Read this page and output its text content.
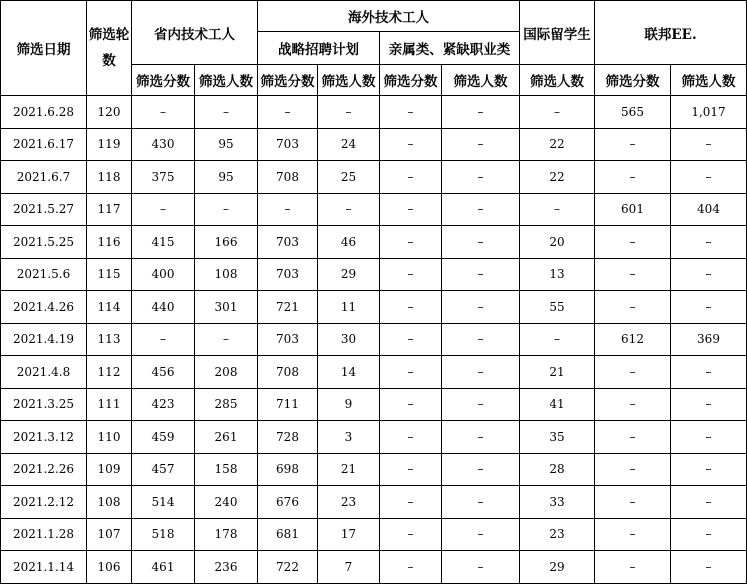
筛选日期	筛选轮数	省内技术工人		海外技术工人				国际留学生	联邦EE.	
				战略招聘计划		亲属类、紧缺职业类				
		筛选分数	筛选人数	筛选分数	筛选人数	筛选分数	筛选人数	筛选人数	筛选分数	筛选人数
2021.6.28	120	–	–	–	–	–	–	–	565	1,017
2021.6.17	119	430	95	703	24	–	–	22	–	–
2021.6.7	118	375	95	708	25	–	–	22	–	–
2021.5.27	117	–	–	–	–	–	–	–	601	404
2021.5.25	116	415	166	703	46	–	–	20	–	–
2021.5.6	115	400	108	703	29	–	–	13	–	–
2021.4.26	114	440	301	721	11	–	–	55	–	–
2021.4.19	113	–	–	703	30	–	–	–	612	369
2021.4.8	112	456	208	708	14	–	–	21	–	–
2021.3.25	111	423	285	711	9	–	–	41	–	–
2021.3.12	110	459	261	728	3	–	–	35	–	–
2021.2.26	109	457	158	698	21	–	–	28	–	–
2021.2.12	108	514	240	676	23	–	–	33	–	–
2021.1.28	107	518	178	681	17	–	–	23	–	–
2021.1.14	106	461	236	722	7	–	–	29	–	–
